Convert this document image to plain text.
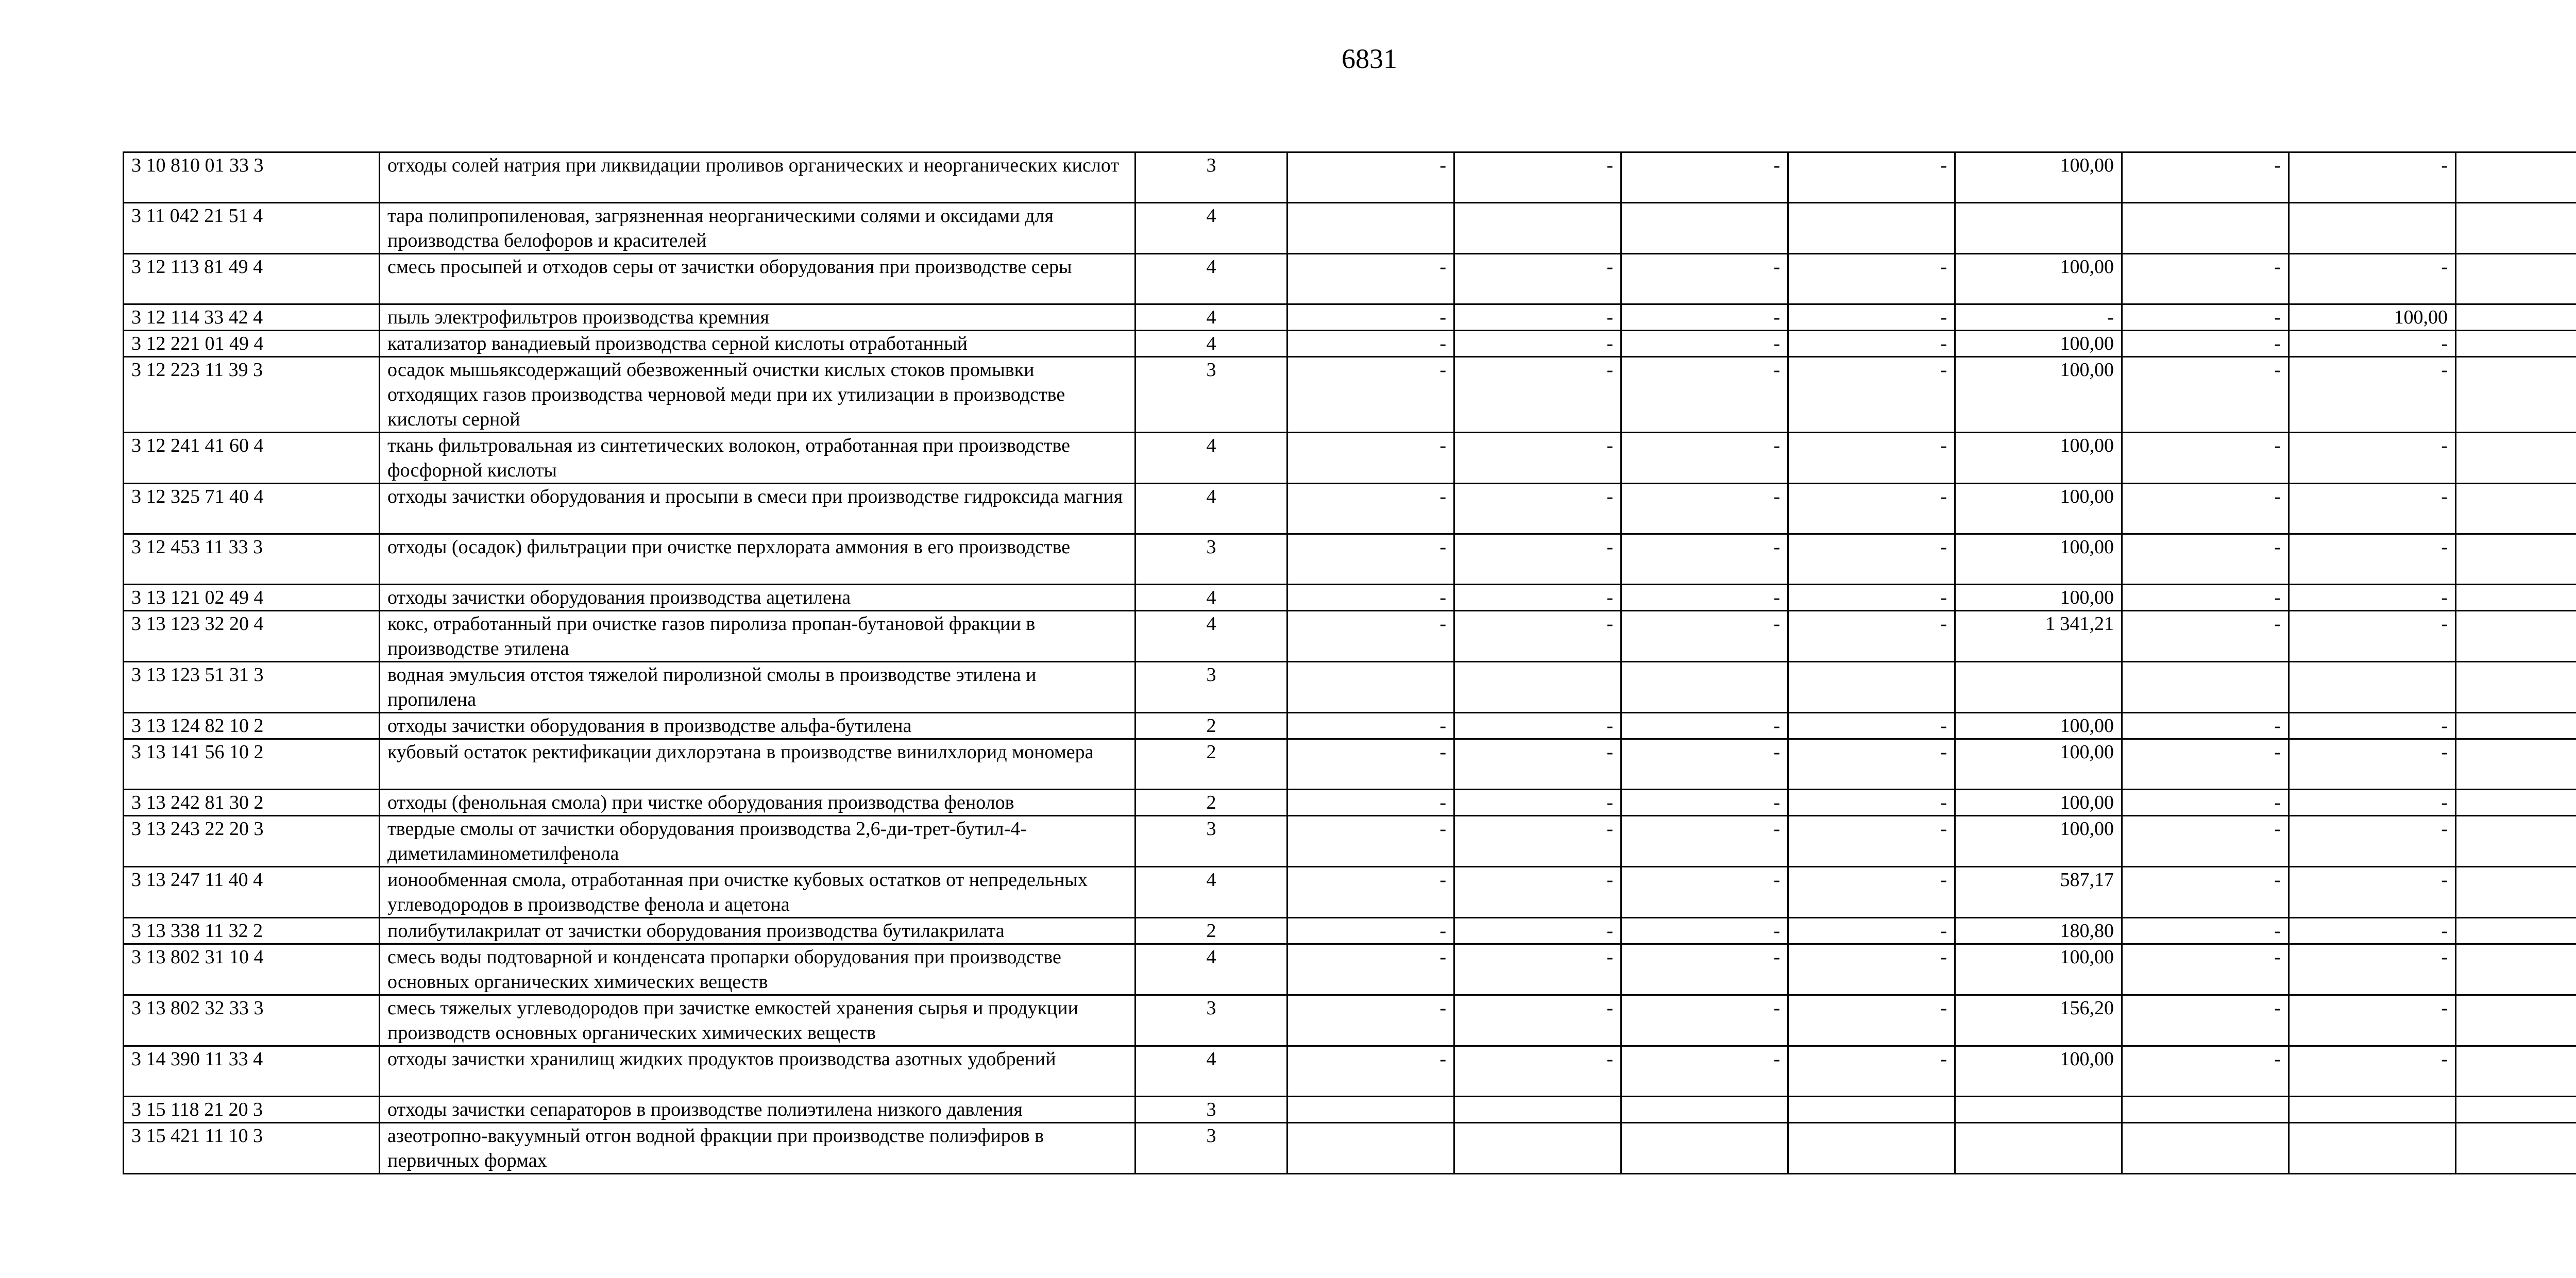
6831
3 10 810 01 33 3	отходы солей натрия при ликвидации проливов органических и неорганических кислот	3	-	-	-	-	100,00	-	-	
3 11 042 21 51 4	тара полипропиленовая, загрязненная неорганическими солями и оксидами для производства белофоров и красителей	4								
3 12 113 81 49 4	смесь просыпей и отходов серы от зачистки оборудования при производстве серы	4	-	-	-	-	100,00	-	-	
3 12 114 33 42 4	пыль электрофильтров производства кремния	4	-	-	-	-	-	-	100,00	
3 12 221 01 49 4	катализатор ванадиевый производства серной кислоты отработанный	4	-	-	-	-	100,00	-	-	
3 12 223 11 39 3	осадок мышьяксодержащий обезвоженный очистки кислых стоков промывки отходящих газов производства черновой меди при их утилизации в производстве кислоты серной	3	-	-	-	-	100,00	-	-	
3 12 241 41 60 4	ткань фильтровальная из синтетических волокон, отработанная при производстве фосфорной кислоты	4	-	-	-	-	100,00	-	-	
3 12 325 71 40 4	отходы зачистки оборудования и просыпи в смеси при производстве гидроксида магния	4	-	-	-	-	100,00	-	-	
3 12 453 11 33 3	отходы (осадок) фильтрации при очистке перхлората аммония в его производстве	3	-	-	-	-	100,00	-	-	
3 13 121 02 49 4	отходы зачистки оборудования производства ацетилена	4	-	-	-	-	100,00	-	-	
3 13 123 32 20 4	кокс, отработанный при очистке газов пиролиза пропан-бутановой фракции в производстве этилена	4	-	-	-	-	1 341,21	-	-	
3 13 123 51 31 3	водная эмульсия отстоя тяжелой пиролизной смолы в производстве этилена и пропилена	3								
3 13 124 82 10 2	отходы зачистки оборудования в производстве альфа-бутилена	2	-	-	-	-	100,00	-	-	
3 13 141 56 10 2	кубовый остаток ректификации дихлорэтана в производстве винилхлорид мономера	2	-	-	-	-	100,00	-	-	
3 13 242 81 30 2	отходы (фенольная смола) при чистке оборудования производства фенолов	2	-	-	-	-	100,00	-	-	
3 13 243 22 20 3	твердые смолы от зачистки оборудования производства 2,6-ди-трет-бутил-4-диметиламинометилфенола	3	-	-	-	-	100,00	-	-	
3 13 247 11 40 4	ионообменная смола, отработанная при очистке кубовых остатков от непредельных углеводородов в производстве фенола и ацетона	4	-	-	-	-	587,17	-	-	
3 13 338 11 32 2	полибутилакрилат от зачистки оборудования производства бутилакрилата	2	-	-	-	-	180,80	-	-	
3 13 802 31 10 4	смесь воды подтоварной и конденсата пропарки оборудования при производстве основных органических химических веществ	4	-	-	-	-	100,00	-	-	
3 13 802 32 33 3	смесь тяжелых углеводородов при зачистке емкостей хранения сырья и продукции производств основных органических химических веществ	3	-	-	-	-	156,20	-	-	
3 14 390 11 33 4	отходы зачистки хранилищ жидких продуктов производства азотных удобрений	4	-	-	-	-	100,00	-	-	
3 15 118 21 20 3	отходы зачистки сепараторов в производстве полиэтилена низкого давления	3								
3 15 421 11 10 3	азеотропно-вакуумный отгон водной фракции при производстве полиэфиров в первичных формах	3								
